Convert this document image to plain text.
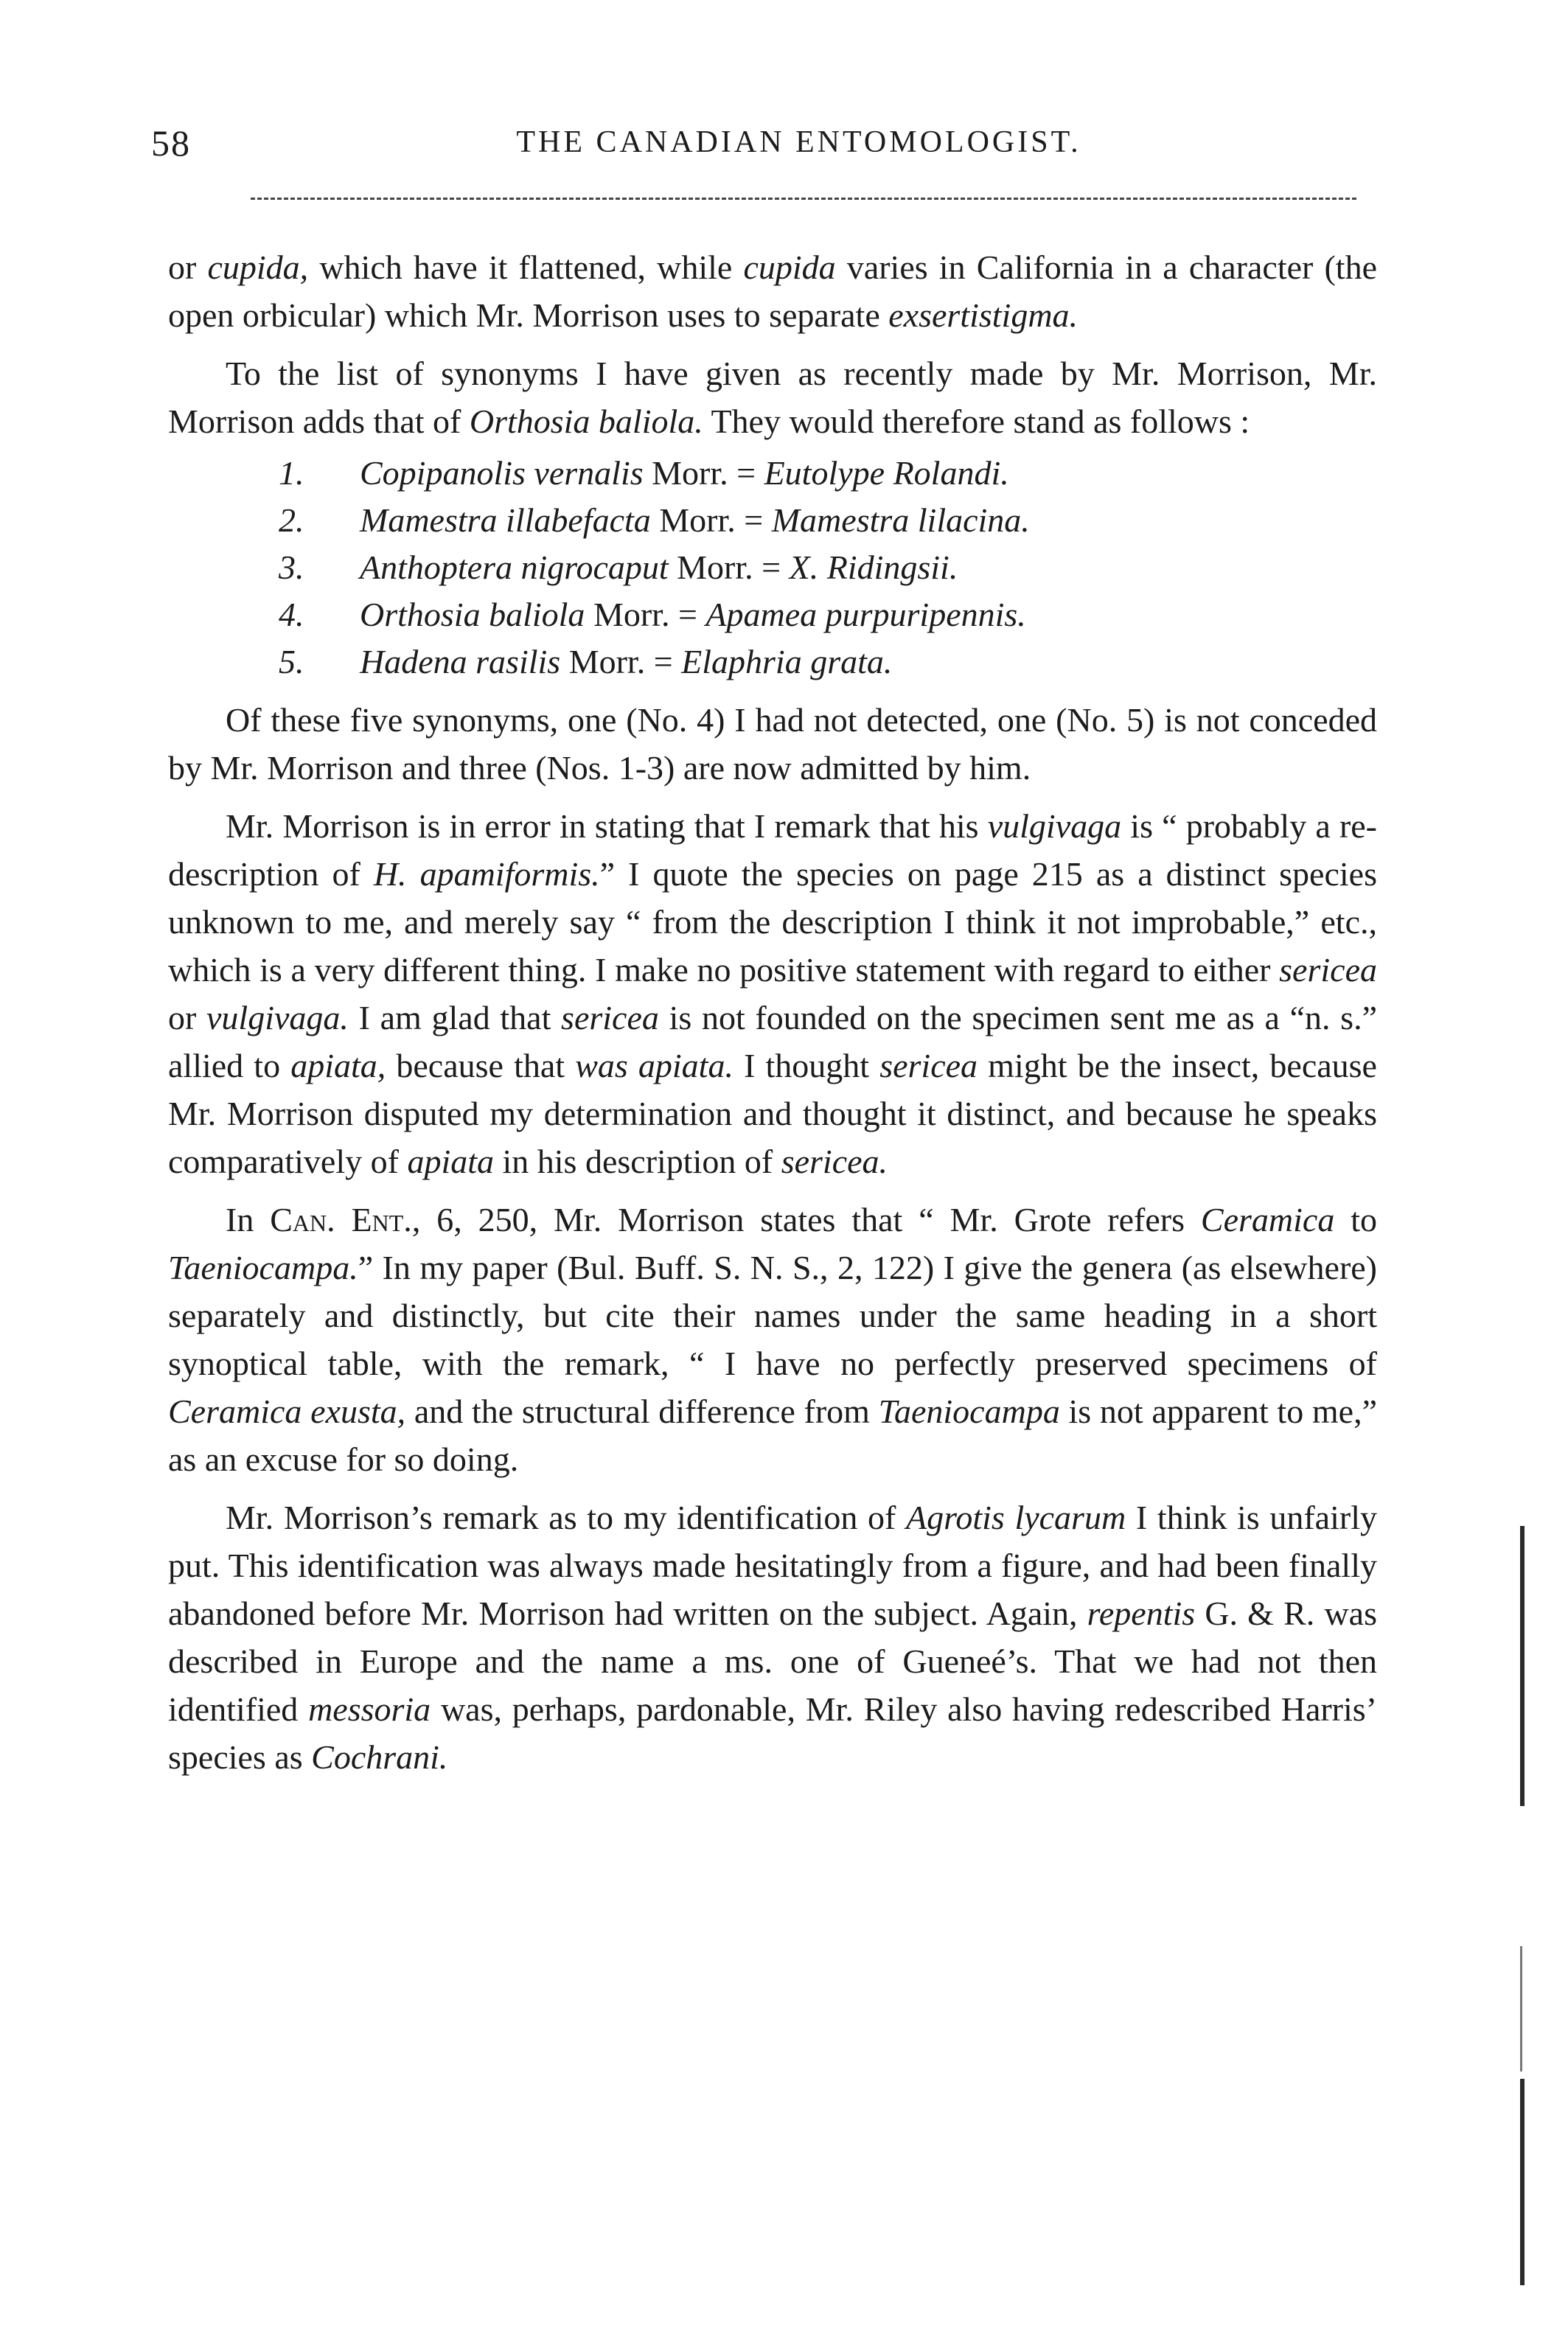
58	THE CANADIAN ENTOMOLOGIST.

or cupida, which have it flattened, while cupida varies in California in a character (the open orbicular) which Mr. Morrison uses to separate exsertistigma.

To the list of synonyms I have given as recently made by Mr. Morrison, Mr. Morrison adds that of Orthosia baliola. They would therefore stand as follows :

1. Copipanolis vernalis Morr. = Eutolype Rolandi.
2. Mamestra illabefacta Morr. = Mamestra lilacina.
3. Anthoptera nigrocaput Morr. = X. Ridingsii.
4. Orthosia baliola Morr. = Apamea purpuripennis.
5. Hadena rasilis Morr. = Elaphria grata.

Of these five synonyms, one (No. 4) I had not detected, one (No. 5) is not conceded by Mr. Morrison and three (Nos. 1-3) are now admitted by him.

Mr. Morrison is in error in stating that I remark that his vulgivaga is “ probably a re-description of H. apamiformis.” I quote the species on page 215 as a distinct species unknown to me, and merely say “ from the description I think it not improbable,” etc., which is a very different thing. I make no positive statement with regard to either sericea or vulgivaga. I am glad that sericea is not founded on the specimen sent me as a “n. s.” allied to apiata, because that was apiata. I thought sericea might be the insect, because Mr. Morrison disputed my determination and thought it distinct, and because he speaks comparatively of apiata in his description of sericea.

In Can. Ent., 6, 250, Mr. Morrison states that “ Mr. Grote refers Ceramica to Taeniocampa.” In my paper (Bul. Buff. S. N. S., 2, 122) I give the genera (as elsewhere) separately and distinctly, but cite their names under the same heading in a short synoptical table, with the remark, “ I have no perfectly preserved specimens of Ceramica exusta, and the structural difference from Taeniocampa is not apparent to me,” as an excuse for so doing.

Mr. Morrison’s remark as to my identification of Agrotis lycarum I think is unfairly put. This identification was always made hesitatingly from a figure, and had been finally abandoned before Mr. Morrison had written on the subject. Again, repentis G. & R. was described in Europe and the name a ms. one of Gueneé’s. That we had not then identified messoria was, perhaps, pardonable, Mr. Riley also having redescribed Harris’ species as Cochrani.
